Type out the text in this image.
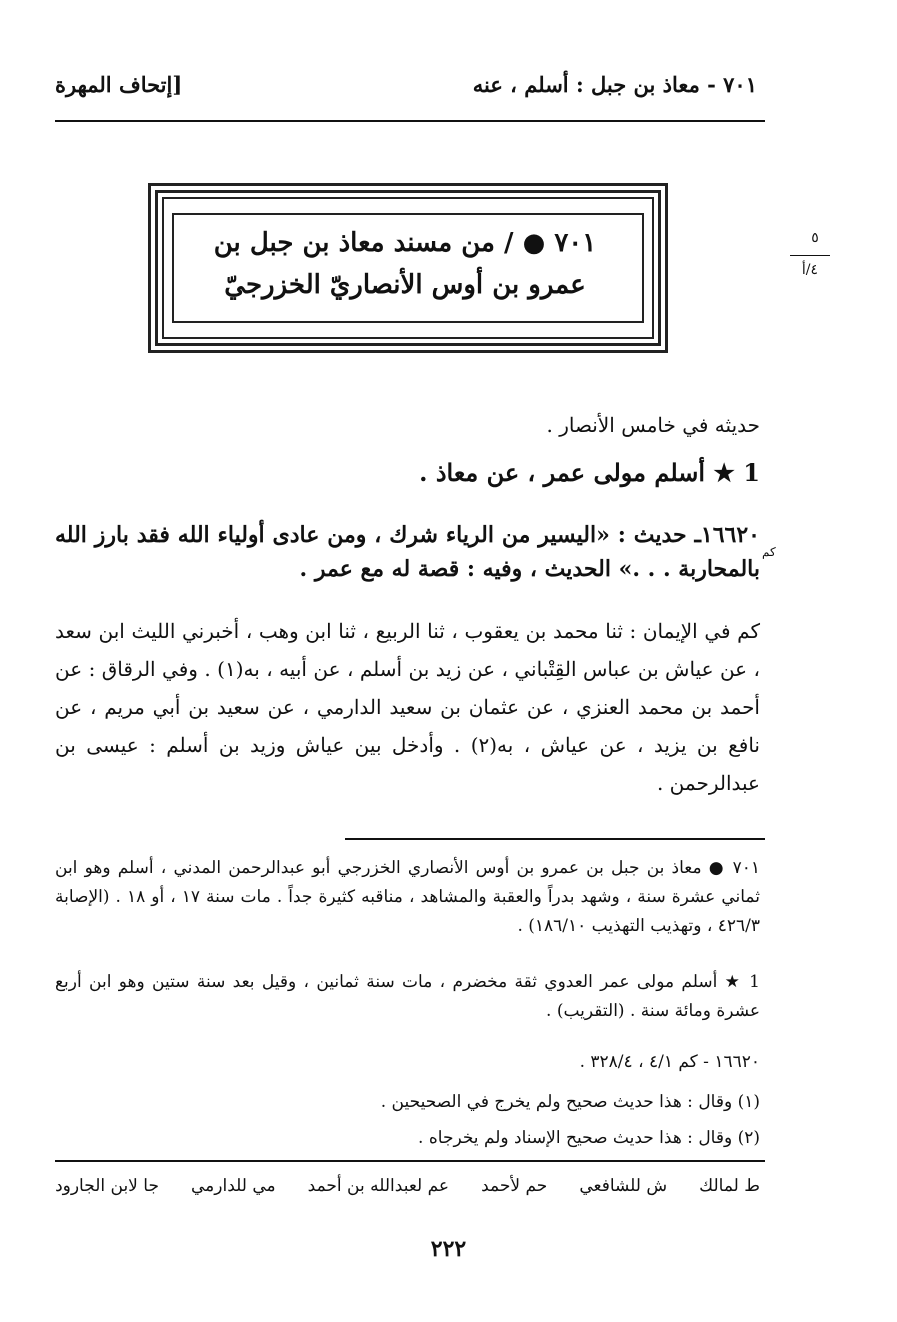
٧٠١ - معاذ بن جبل : أسلم ، عنه
[إتحاف المهرة
٥
٤/أ
٧٠١ ● / من مسند معاذ بن جبل بن
عمرو بن أوس الأنصاريّ الخزرجيّ
حديثه في خامس الأنصار .
1 ★ أسلم مولى عمر ، عن معاذ .
١٦٦٢٠ـ حديث : «اليسير من الرياء شرك ، ومن عادى أولياء الله فقد بارز الله بالمحاربة . . .» الحديث ، وفيه : قصة له مع عمر .
كم
كم في الإيمان : ثنا محمد بن يعقوب ، ثنا الربيع ، ثنا ابن وهب ، أخبرني الليث ابن سعد ، عن عياش بن عباس القِتْباني ، عن زيد بن أسلم ، عن أبيه ، به(١) . وفي الرقاق : عن أحمد بن محمد العنزي ، عن عثمان بن سعيد الدارمي ، عن سعيد بن أبي مريم ، عن نافع بن يزيد ، عن عياش ، به(٢) . وأدخل بين عياش وزيد بن أسلم : عيسى بن عبدالرحمن .
٧٠١ ● معاذ بن جبل بن عمرو بن أوس الأنصاري الخزرجي أبو عبدالرحمن المدني ، أسلم وهو ابن ثماني عشرة سنة ، وشهد بدراً والعقبة والمشاهد ، مناقبه كثيرة جداً . مات سنة ١٧ ، أو ١٨ . (الإصابة ٤٢٦/٣ ، وتهذيب التهذيب ١٨٦/١٠) .
1 ★ أسلم مولى عمر العدوي ثقة مخضرم ، مات سنة ثمانين ، وقيل بعد سنة ستين وهو ابن أربع عشرة ومائة سنة . (التقريب) .
١٦٦٢٠ - كم ٤/١ ، ٣٢٨/٤ .
(١) وقال : هذا حديث صحيح ولم يخرج في الصحيحين .
(٢) وقال : هذا حديث صحيح الإسناد ولم يخرجاه .
ط لمالك
ش للشافعي
حم لأحمد
عم لعبدالله بن أحمد
مي للدارمي
جا لابن الجارود
٢٢٢
